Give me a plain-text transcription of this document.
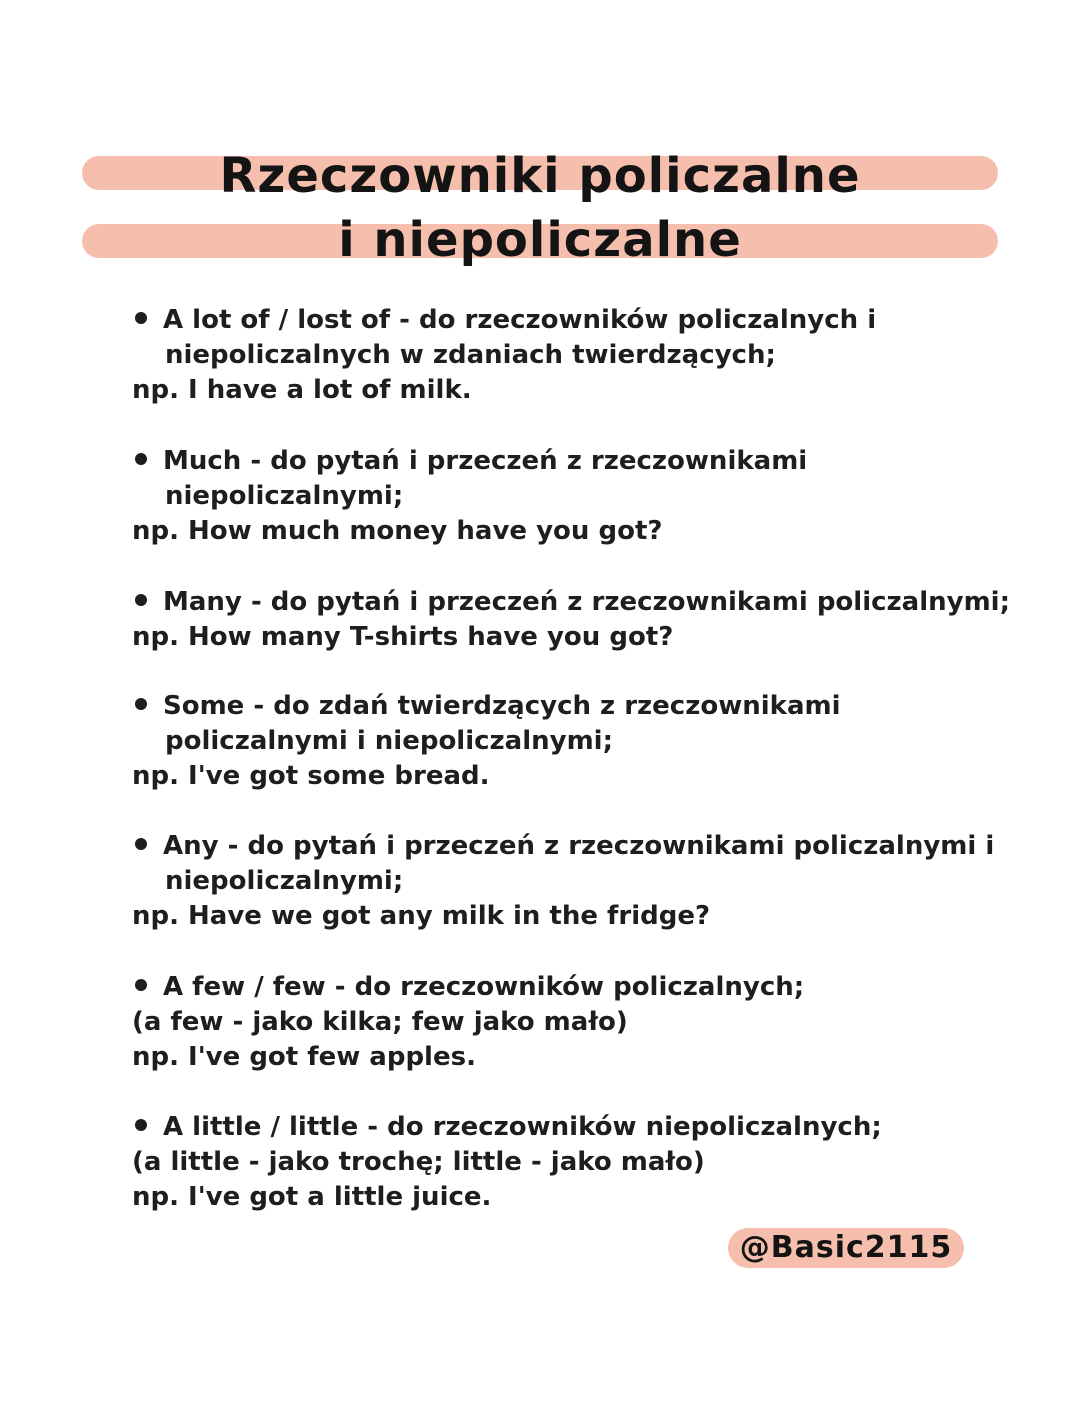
Rzeczowniki policzalne
i niepoliczalne
A lot of / lost of - do rzeczowników policzalnych i
niepoliczalnych w zdaniach twierdzących;
np. I have a lot of milk.
Much - do pytań i przeczeń z rzeczownikami
niepoliczalnymi;
np. How much money have you got?
Many - do pytań i przeczeń z rzeczownikami policzalnymi;
np. How many T-shirts have you got?
Some - do zdań twierdzących z rzeczownikami
policzalnymi i niepoliczalnymi;
np. I've got some bread.
Any - do pytań i przeczeń z rzeczownikami policzalnymi i
niepoliczalnymi;
np. Have we got any milk in the fridge?
A few / few - do rzeczowników policzalnych;
(a few - jako kilka; few jako mało)
np. I've got few apples.
A little / little - do rzeczowników niepoliczalnych;
(a little - jako trochę; little - jako mało)
np. I've got a little juice.
@Basic2115
